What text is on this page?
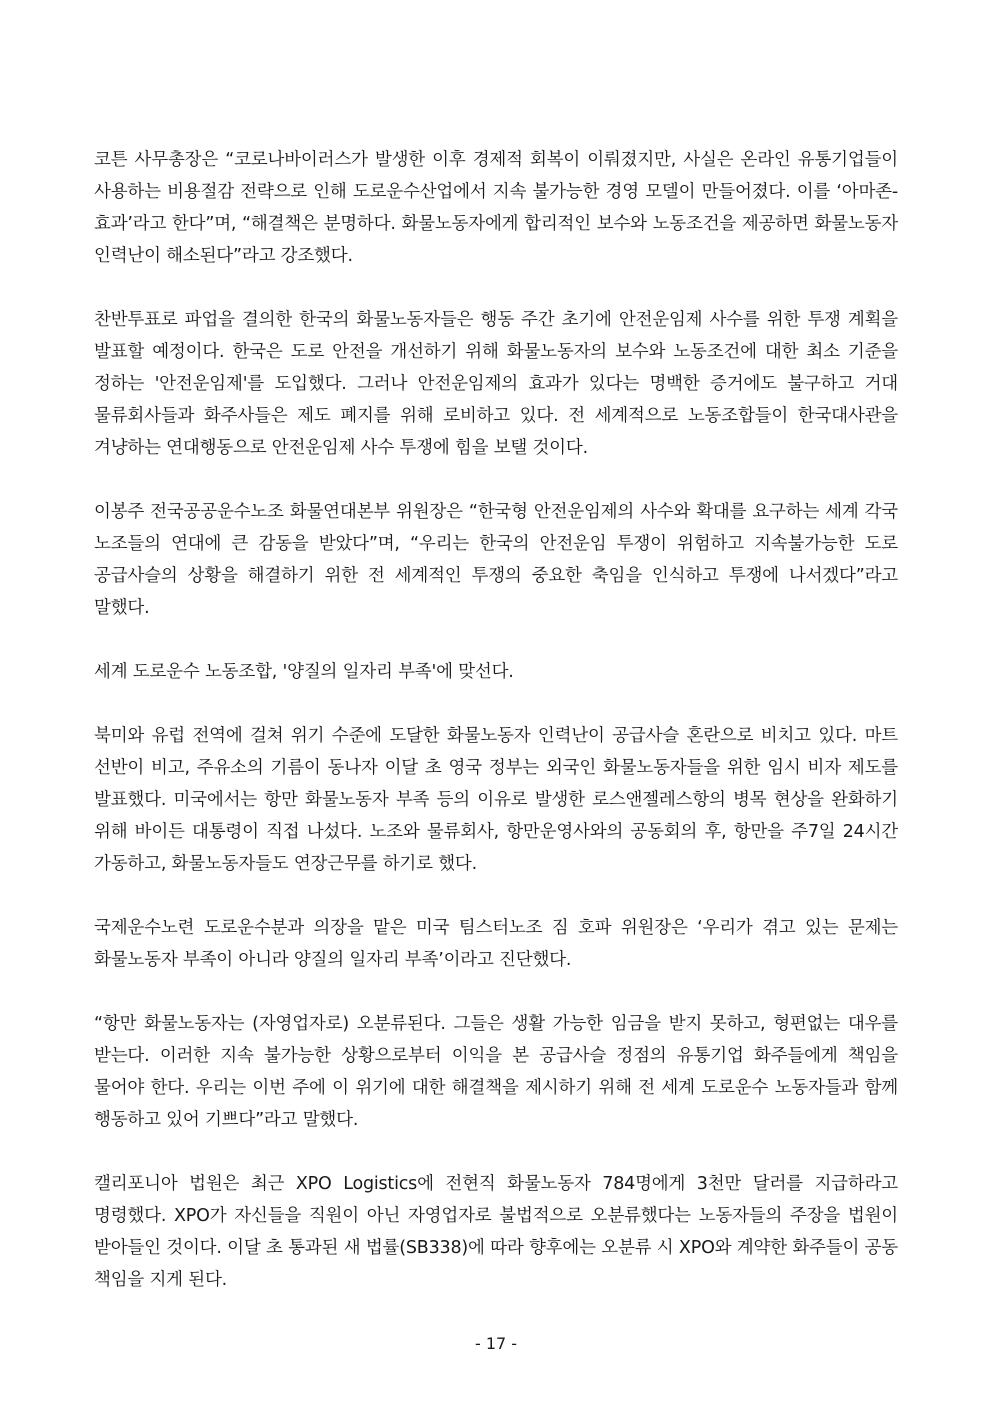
코튼 사무총장은 “코로나바이러스가 발생한 이후 경제적 회복이 이뤄졌지만, 사실은 온라인 유통기업들이 사용하는 비용절감 전략으로 인해 도로운수산업에서 지속 불가능한 경영 모델이 만들어졌다. 이를 ‘아마존-효과’라고 한다”며, “해결책은 분명하다. 화물노동자에게 합리적인 보수와 노동조건을 제공하면 화물노동자 인력난이 해소된다”라고 강조했다.

찬반투표로 파업을 결의한 한국의 화물노동자들은 행동 주간 초기에 안전운임제 사수를 위한 투쟁 계획을 발표할 예정이다. 한국은 도로 안전을 개선하기 위해 화물노동자의 보수와 노동조건에 대한 최소 기준을 정하는 '안전운임제'를 도입했다. 그러나 안전운임제의 효과가 있다는 명백한 증거에도 불구하고 거대 물류회사들과 화주사들은 제도 폐지를 위해 로비하고 있다. 전 세계적으로 노동조합들이 한국대사관을 겨냥하는 연대행동으로 안전운임제 사수 투쟁에 힘을 보탤 것이다.

이봉주 전국공공운수노조 화물연대본부 위원장은 “한국형 안전운임제의 사수와 확대를 요구하는 세계 각국 노조들의 연대에 큰 감동을 받았다”며, “우리는 한국의 안전운임 투쟁이 위험하고 지속불가능한 도로 공급사슬의 상황을 해결하기 위한 전 세계적인 투쟁의 중요한 축임을 인식하고 투쟁에 나서겠다”라고 말했다.

세계 도로운수 노동조합, '양질의 일자리 부족'에 맞선다.

북미와 유럽 전역에 걸쳐 위기 수준에 도달한 화물노동자 인력난이 공급사슬 혼란으로 비치고 있다. 마트 선반이 비고, 주유소의 기름이 동나자 이달 초 영국 정부는 외국인 화물노동자들을 위한 임시 비자 제도를 발표했다. 미국에서는 항만 화물노동자 부족 등의 이유로 발생한 로스앤젤레스항의 병목 현상을 완화하기 위해 바이든 대통령이 직접 나섰다. 노조와 물류회사, 항만운영사와의 공동회의 후, 항만을 주7일 24시간 가동하고, 화물노동자들도 연장근무를 하기로 했다.

국제운수노련 도로운수분과 의장을 맡은 미국 팀스터노조 짐 호파 위원장은 ‘우리가 겪고 있는 문제는 화물노동자 부족이 아니라 양질의 일자리 부족’이라고 진단했다.

“항만 화물노동자는 (자영업자로) 오분류된다. 그들은 생활 가능한 임금을 받지 못하고, 형편없는 대우를 받는다. 이러한 지속 불가능한 상황으로부터 이익을 본 공급사슬 정점의 유통기업 화주들에게 책임을 물어야 한다. 우리는 이번 주에 이 위기에 대한 해결책을 제시하기 위해 전 세계 도로운수 노동자들과 함께 행동하고 있어 기쁘다”라고 말했다.

캘리포니아 법원은 최근 XPO Logistics에 전현직 화물노동자 784명에게 3천만 달러를 지급하라고 명령했다. XPO가 자신들을 직원이 아닌 자영업자로 불법적으로 오분류했다는 노동자들의 주장을 법원이 받아들인 것이다. 이달 초 통과된 새 법률(SB338)에 따라 향후에는 오분류 시 XPO와 계약한 화주들이 공동 책임을 지게 된다.

- 17 -
